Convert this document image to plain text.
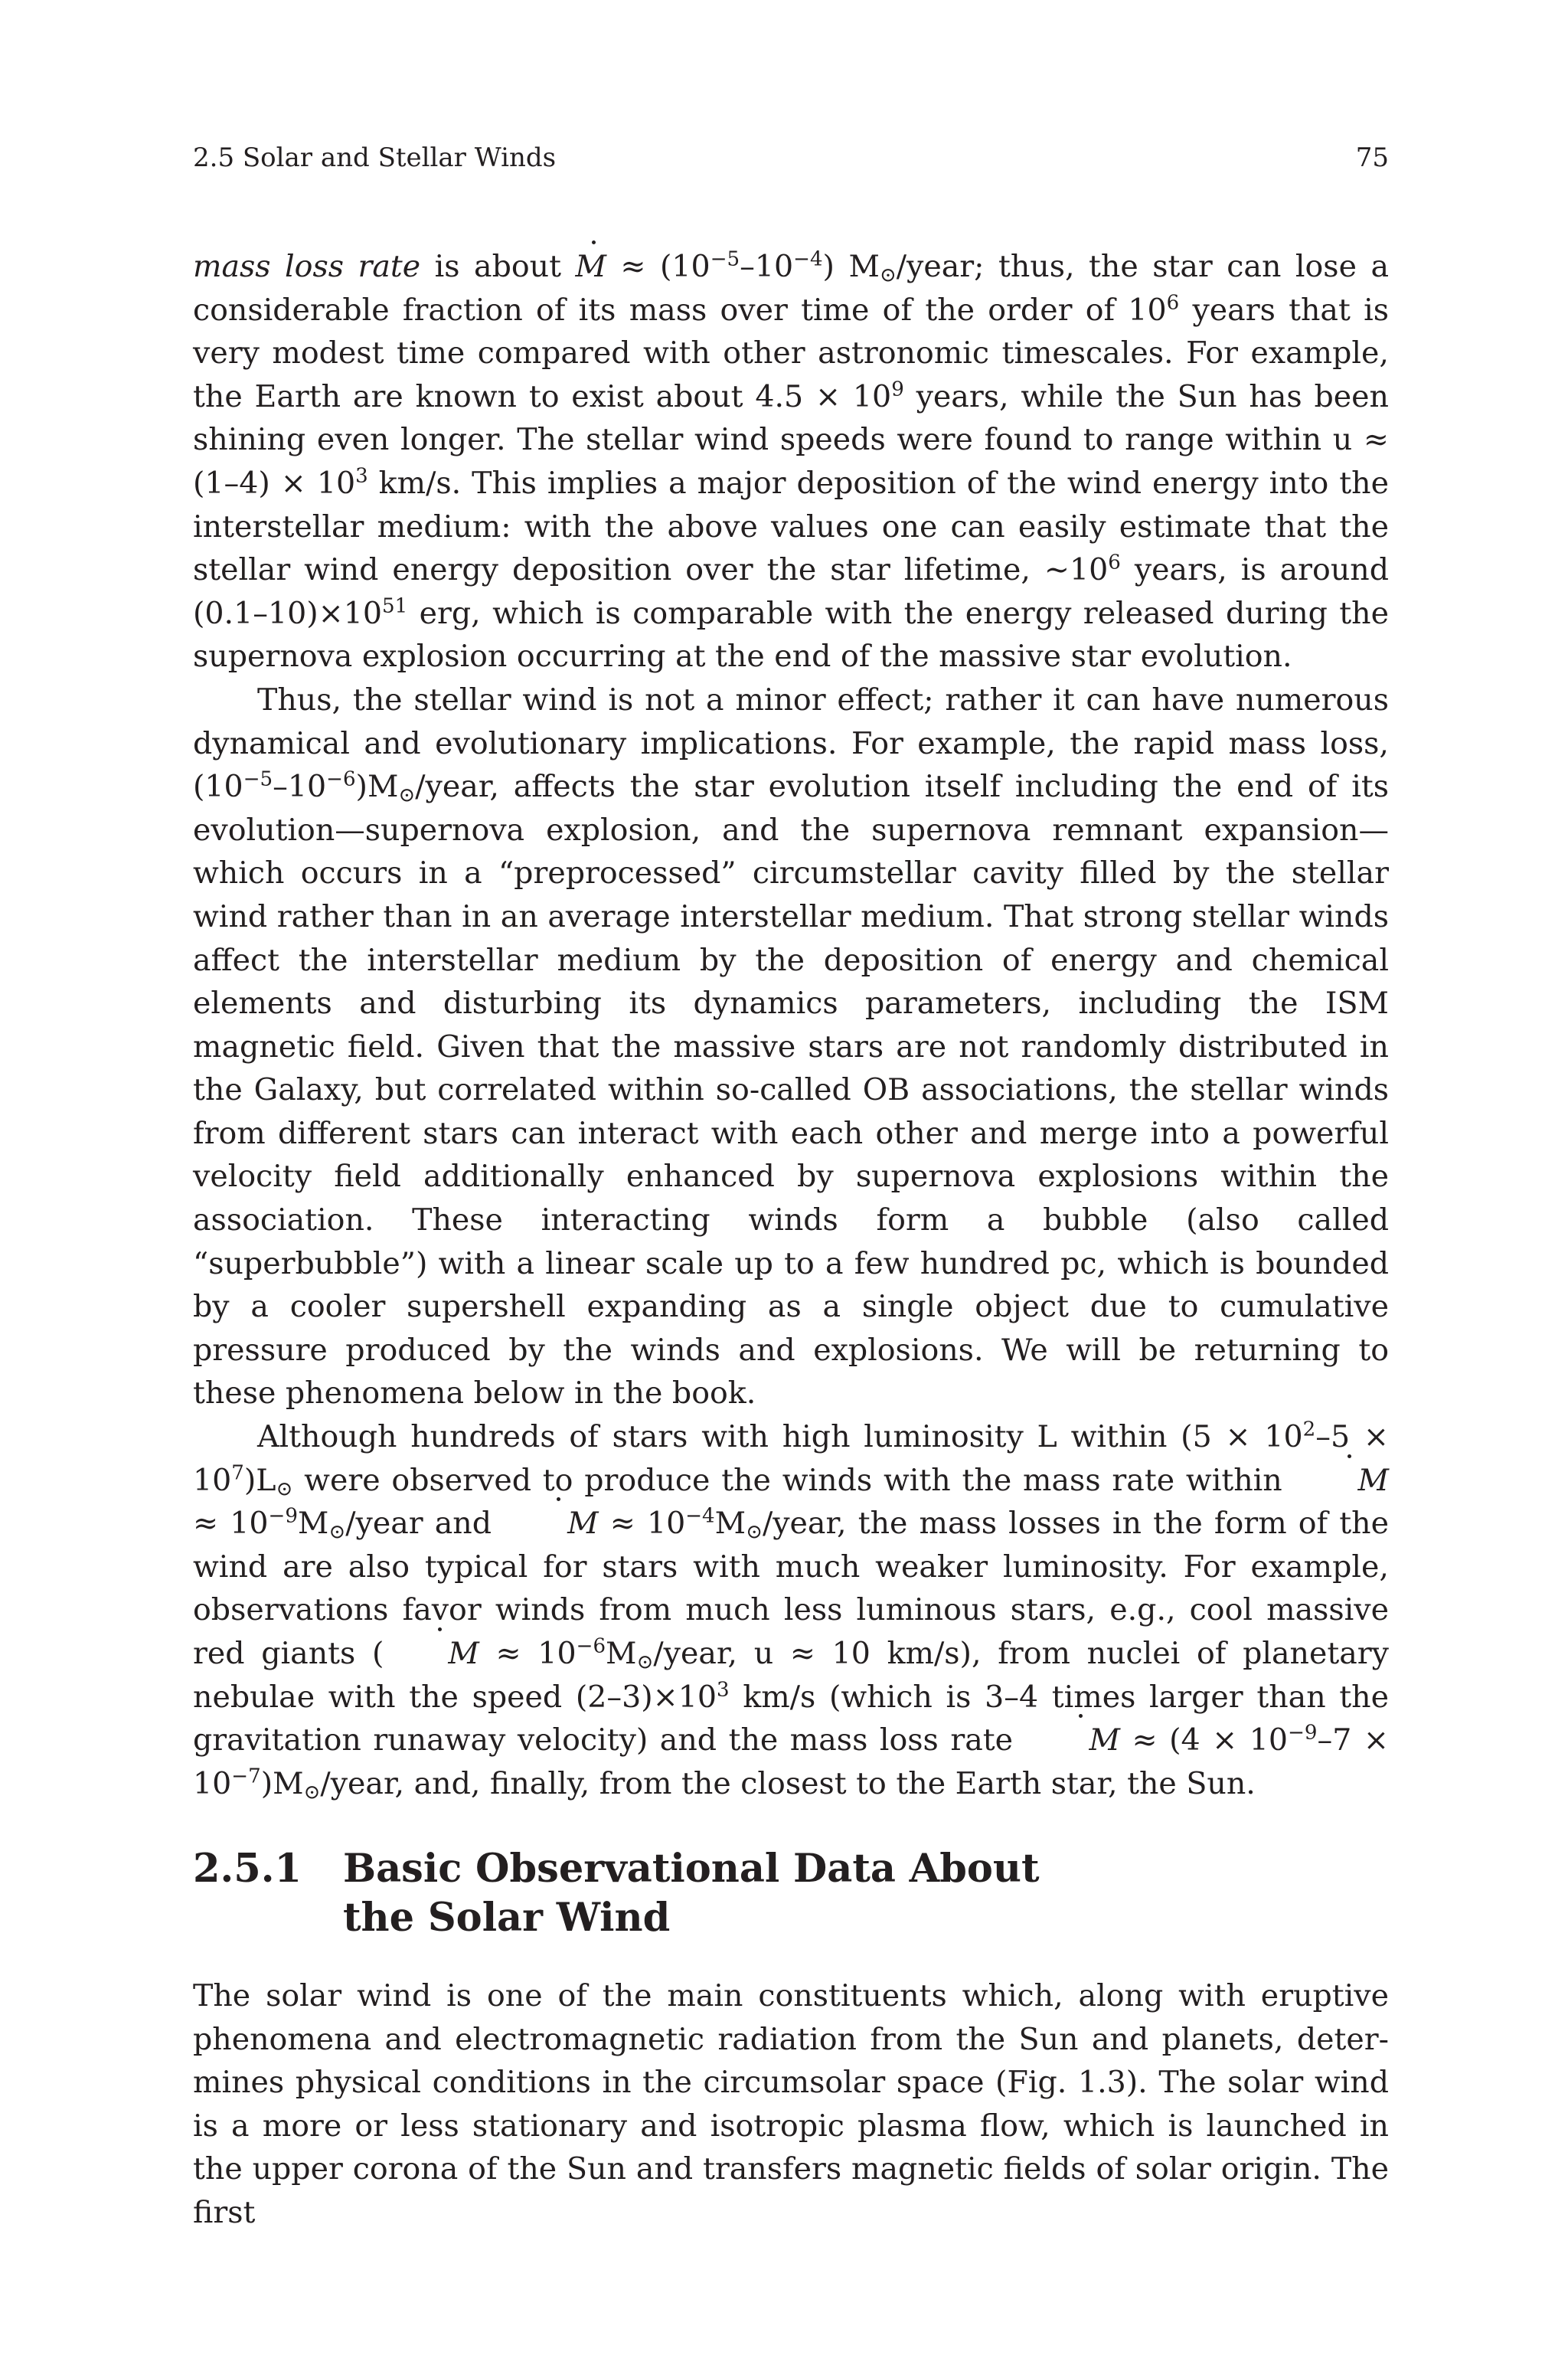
2.5 Solar and Stellar Winds	75

mass loss rate is about $M \approx (10^{-5}-10^{-4})$ $M_⊙$/year; thus, the star can lose a considerable fraction of its mass over time of the order of $10^6$ years that is very modest time compared with other astronomic timescales. For example, the Earth are known to exist about $4.5 \times 10^9$ years, while the Sun has been shining even longer. The stellar wind speeds were found to range within $u \approx (1-4) \times 10^3$ km/s. This implies a major deposition of the wind energy into the interstellar medium: with the above values one can easily estimate that the stellar wind energy deposition over the star lifetime, $\sim 10^6$ years, is around $(0.1-10)\times 10^{51}$ erg, which is comparable with the energy released during the supernova explosion occurring at the end of the massive star evolution.

Thus, the stellar wind is not a minor effect; rather it can have numerous dynamical and evolutionary implications. For example, the rapid mass loss, $(10^{-5}-10^{-6})M_⊙$/year, affects the star evolution itself including the end of its evolution—supernova explosion, and the supernova remnant expansion—which occurs in a “preprocessed” circumstellar cavity filled by the stellar wind rather than in an average interstellar medium. That strong stellar winds affect the interstellar medium by the deposition of energy and chemical elements and disturbing its dynamics parameters, including the ISM magnetic field. Given that the massive stars are not randomly distributed in the Galaxy, but correlated within so-called OB associations, the stellar winds from different stars can interact with each other and merge into a powerful velocity field additionally enhanced by supernova explosions within the association. These interacting winds form a bubble (also called “superbubble”) with a linear scale up to a few hundred pc, which is bounded by a cooler supershell expanding as a single object due to cumulative pressure produced by the winds and explosions. We will be returning to these phenomena below in the book.

Although hundreds of stars with high luminosity L within $(5 \times 10^2-5 \times 10^7)L_⊙$ were observed to produce the winds with the mass rate within $M \approx 10^{-9}M_⊙$/year and $M \approx 10^{-4}M_⊙$/year, the mass losses in the form of the wind are also typical for stars with much weaker luminosity. For example, observations favor winds from much less luminous stars, e.g., cool massive red giants ( $M \approx 10^{-6}M_⊙$/year, u ≈ 10 km/s), from nuclei of planetary nebulae with the speed $(2-3)\times 10^3$ km/s (which is 3–4 times larger than the gravitation runaway velocity) and the mass loss rate $M \approx (4 \times 10^{-9}-7$ × $10^{-7})M_⊙$/year, and, finally, from the closest to the Earth star, the Sun.

2.5.1 Basic Observational Data About
the Solar Wind

The solar wind is one of the main constituents which, along with eruptive phenomena and electromagnetic radiation from the Sun and planets, determines physical conditions in the circumsolar space (Fig. 1.3). The solar wind is a more or less stationary and isotropic plasma flow, which is launched in the upper corona of the Sun and transfers magnetic fields of solar origin. The first
